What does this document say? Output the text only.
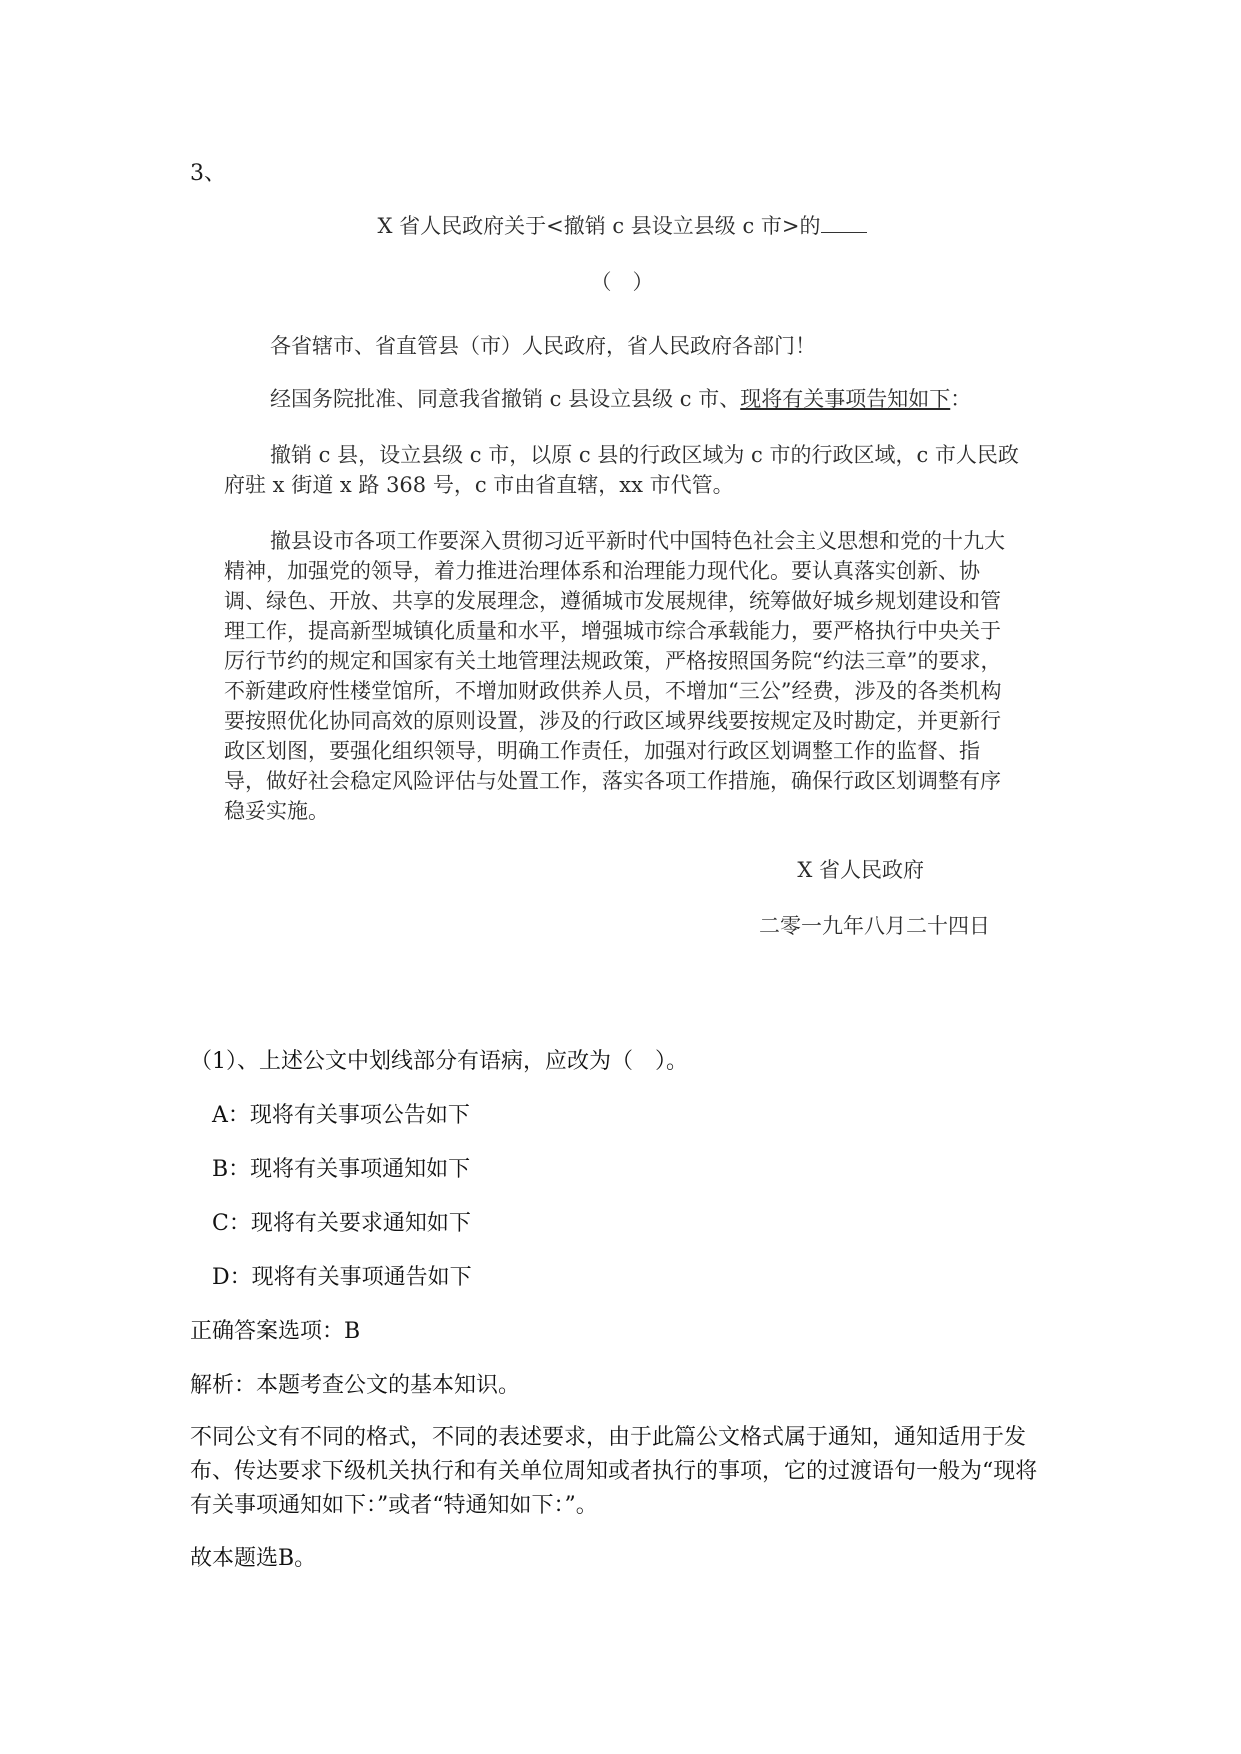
3、
X 省人民政府关于<撤销 c 县设立县级 c 市>的
（　）
各省辖市、省直管县（市）人民政府，省人民政府各部门！

经国务院批准、同意我省撤销 c 县设立县级 c 市、现将有关事项告知如下：

撤销 c 县，设立县级 c 市，以原 c 县的行政区域为 c 市的行政区域，c 市人民政府驻 x 街道 x 路 368 号，c 市由省直辖，xx 市代管。

撤县设市各项工作要深入贯彻习近平新时代中国特色社会主义思想和党的十九大精神，加强党的领导，着力推进治理体系和治理能力现代化。要认真落实创新、协调、绿色、开放、共享的发展理念，遵循城市发展规律，统筹做好城乡规划建设和管理工作，提高新型城镇化质量和水平，增强城市综合承载能力，要严格执行中央关于厉行节约的规定和国家有关土地管理法规政策，严格按照国务院“约法三章”的要求，不新建政府性楼堂馆所，不增加财政供养人员，不增加“三公”经费，涉及的各类机构要按照优化协同高效的原则设置，涉及的行政区域界线要按规定及时勘定，并更新行政区划图，要强化组织领导，明确工作责任，加强对行政区划调整工作的监督、指导，做好社会稳定风险评估与处置工作，落实各项工作措施，确保行政区划调整有序稳妥实施。

X 省人民政府
二零一九年八月二十四日

（1）、上述公文中划线部分有语病，应改为（　）。

A：现将有关事项公告如下

B：现将有关事项通知如下

C：现将有关要求通知如下

D：现将有关事项通告如下

正确答案选项：B

解析：本题考查公文的基本知识。

不同公文有不同的格式，不同的表述要求，由于此篇公文格式属于通知，通知适用于发布、传达要求下级机关执行和有关单位周知或者执行的事项，它的过渡语句一般为“现将有关事项通知如下：”或者“特通知如下：”。

故本题选B。
